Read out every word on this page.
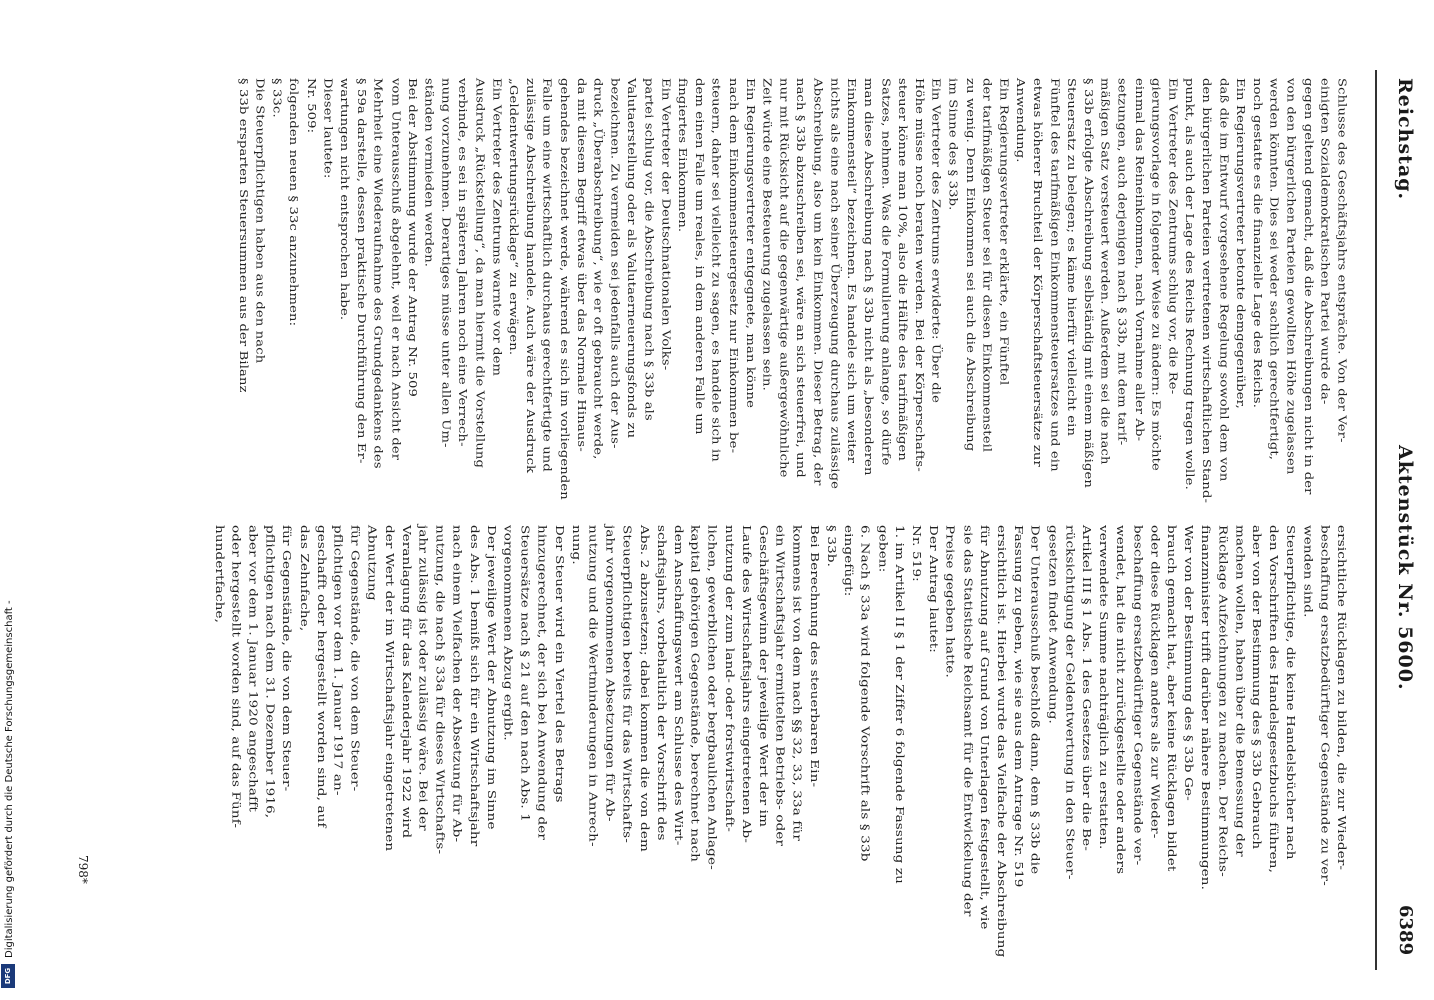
Reichstag.
Aktenstück Nr. 5600.
6389

Schlusse des Geschäftsjahrs entspräche. Von der Ver-

einigten Sozialdemokratischen Partei wurde da-

gegen geltend gemacht, daß die Abschreibungen nicht in der

von den bürgerlichen Parteien gewollten Höhe zugelassen

werden könnten. Dies sei weder sachlich gerechtfertigt,

noch gestatte es die finanzielle Lage des Reichs.

Ein Regierungsvertreter betonte demgegenüber,

daß die im Entwurf vorgesehene Regelung sowohl dem von

den bürgerlichen Parteien vertretenen wirtschaftlichen Stand-

punkt, als auch der Lage des Reichs Rechnung tragen wolle.

Ein Vertreter des Zentrums schlug vor, die Re-

gierungsvorlage in folgender Weise zu ändern: Es möchte

einmal das Reineinkommen, nach Vornahme aller Ab-

setzungen, auch derjenigen nach § 33b, mit dem tarif-

mäßigen Satz versteuert werden. Außerdem sei die nach

§ 33b erfolgte Abschreibung selbständig mit einem mäßigen

Steuersatz zu belegen; es käme hierfür vielleicht ein

Fünftel des tarifmäßigen Einkommensteuersatzes und ein

etwas höherer Bruchteil der Körperschaftsteuersätze zur

Anwendung.

Ein Regierungsvertreter erklärte, ein Fünftel

der tarifmäßigen Steuer sei für diesen Einkommensteil

zu wenig. Denn Einkommen sei auch die Abschreibung

im Sinne des § 33b.

Ein Vertreter des Zentrums erwiderte: Über die

Höhe müsse noch beraten werden. Bei der Körperschafts-

steuer könne man 10%, also die Hälfte des tarifmäßigen

Satzes, nehmen. Was die Formulierung anlange, so dürfe

man diese Abschreibung nach § 33b nicht als „besonderen

Einkommensteil“ bezeichnen. Es handele sich um weiter

nichts als eine nach seiner Überzeugung durchaus zulässige

Abschreibung, also um kein Einkommen. Dieser Betrag, der

nach § 33b abzuschreiben sei, wäre an sich steuerfrei, und

nur mit Rücksicht auf die gegenwärtige außergewöhnliche

Zeit würde eine Besteuerung zugelassen sein.

Ein Regierungsvertreter entgegnete, man könne

nach dem Einkommensteuergesetz nur Einkommen be-

steuern, daher sei vielleicht zu sagen, es handele sich in

dem einen Falle um reales, in dem anderen Falle um

fingiertes Einkommen.

Ein Vertreter der Deutschnationalen Volks-

partei schlug vor, die Abschreibung nach § 33b als

Valutaerstellung oder als Valutaerneuerungsfonds zu

bezeichnen. Zu vermeiden sei jedenfalls auch der Aus-

druck „Überabschreibung“, wie er oft gebraucht werde,

da mit diesem Begriff etwas über das Normale Hinaus-

gehendes bezeichnet werde, während es sich im vorliegenden

Falle um eine wirtschaftlich durchaus gerechtfertigte und

zulässige Abschreibung handele. Auch wäre der Ausdruck

„Geldentwertungsrücklage“ zu erwägen.

Ein Vertreter des Zentrums warnte vor dem

Ausdruck „Rückstellung“, da man hiermit die Vorstellung

verbinde, es sei in späteren Jahren noch eine Verrech-

nung vorzunehmen. Derartiges müsse unter allen Um-

ständen vermieden werden.

Bei der Abstimmung wurde der Antrag Nr. 509

vom Unterausschuß abgelehnt, weil er nach Ansicht der

Mehrheit eine Wiederaufnahme des Grundgedankens des

§ 59a darstelle, dessen praktische Durchführung den Er-

wartungen nicht entsprochen habe.

Dieser lautete:

Nr. 509:

folgenden neuen § 33c anzunehmen:

§ 33c.

Die Steuerpflichtigen haben aus den nach

§ 33b ersparten Steuersummen aus der Bilanz

ersichtliche Rücklagen zu bilden, die zur Wieder-

beschaffung ersatzbedürftiger Gegenstände zu ver-

wenden sind.

Steuerpflichtige, die keine Handelsbücher nach

den Vorschriften des Handelsgesetzbuchs führen,

aber von der Bestimmung des § 33b Gebrauch

machen wollen, haben über die Bemessung der

Rücklage Aufzeichnungen zu machen. Der Reichs-

finanzminister trifft darüber nähere Bestimmungen.

Wer von der Bestimmung des § 33b Ge-

brauch gemacht hat, aber keine Rücklagen bildet

oder diese Rücklagen anders als zur Wieder-

beschaffung ersatzbedürftiger Gegenstände ver-

wendet, hat die nicht zurückgestellte oder anders

verwendete Summe nachträglich zu erstatten.

Artikel III § 1 Abs. 1 des Gesetzes über die Be-

rücksichtigung der Geldentwertung in den Steuer-

gesetzen findet Anwendung.

Der Unterausschuß beschloß dann, dem § 33b die

Fassung zu geben, wie sie aus dem Antrage Nr. 519

ersichtlich ist. Hierbei wurde das Vielfache der Abschreibung

für Abnutzung auf Grund von Unterlagen festgestellt, wie

sie das Statistische Reichsamt für die Entwickelung der

Preise gegeben hatte.

Der Antrag lautet:

Nr. 519:

1. im Artikel II § 1 der Ziffer 6 folgende Fassung zu

geben:

6. Nach § 33a wird folgende Vorschrift als § 33b

eingefügt:

§ 33b.

Bei Berechnung des steuerbaren Ein-

kommens ist von dem nach §§ 32, 33, 33a für

ein Wirtschaftsjahr ermittelten Betriebs- oder

Geschäftsgewinn der jeweilige Wert der im

Laufe des Wirtschaftsjahrs eingetretenen Ab-

nutzung der zum land- oder forstwirtschaft-

lichen, gewerblichen oder bergbaulichen Anlage-

kapital gehörigen Gegenstände, berechnet nach

dem Anschaffungswert am Schlusse des Wirt-

schaftsjahrs, vorbehaltlich der Vorschrift des

Abs. 2 abzusetzen; dabei kommen die von dem

Steuerpflichtigen bereits für das Wirtschafts-

jahr vorgenommenen Absetzungen für Ab-

nutzung und die Wertminderungen in Anrech-

nung.

Der Steuer wird ein Viertel des Betrags

hinzugerechnet, der sich bei Anwendung der

Steuersätze nach § 21 auf den nach Abs. 1

vorgenommenen Abzug ergibt.

Der jeweilige Wert der Abnutzung im Sinne

des Abs. 1 bemißt sich für ein Wirtschaftsjahr

nach einem Vielfachen der Absetzung für Ab-

nutzung, die nach § 33a für dieses Wirtschafts-

jahr zulässig ist oder zulässig wäre. Bei der

Veranlagung für das Kalenderjahr 1922 wird

der Wert der im Wirtschaftsjahr eingetretenen

Abnutzung

für Gegenstände, die von dem Steuer-

pflichtigen vor dem 1. Januar 1917 an-

geschafft oder hergestellt worden sind, auf

das Zehnfache,

für Gegenstände, die von dem Steuer-

pflichtigen nach dem 31. Dezember 1916,

aber vor dem 1. Januar 1920 angeschafft

oder hergestellt worden sind, auf das Fünf-

hundertfache,

798*
Digitalisierung gefördert durch die Deutsche Forschungsgemeinschaft -
DFG
